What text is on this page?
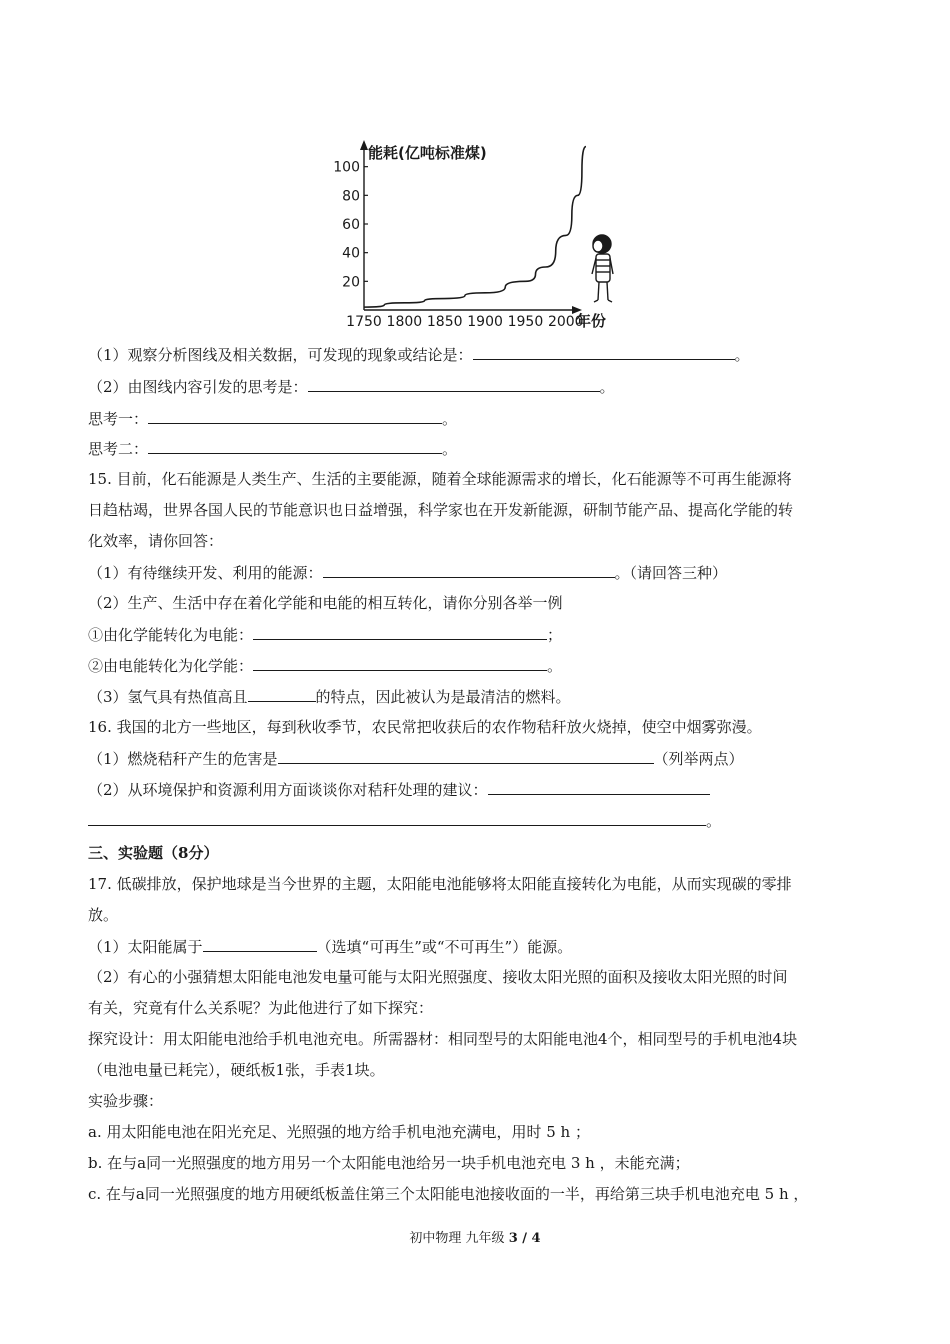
20
40
60
80
100
1750 1800 1850 1900 1950 2000
能耗(亿吨标准煤)
年份
（1）观察分析图线及相关数据，可发现的现象或结论是：	。
（2）由图线内容引发的思考是：	。
思考一：	。
思考二：	。
15. 目前，化石能源是人类生产、生活的主要能源，随着全球能源需求的增长，化石能源等不可再生能源将
日趋枯竭，世界各国人民的节能意识也日益增强，科学家也在开发新能源，研制节能产品、提高化学能的转
化效率，请你回答：
（1）有待继续开发、利用的能源：	。（请回答三种）
（2）生产、生活中存在着化学能和电能的相互转化，请你分别各举一例
①由化学能转化为电能：	；
②由电能转化为化学能：	。
（3）氢气具有热值高且	的特点，因此被认为是最清洁的燃料。
16. 我国的北方一些地区，每到秋收季节，农民常把收获后的农作物秸秆放火烧掉，使空中烟雾弥漫。
（1）燃烧秸秆产生的危害是	（列举两点）
（2）从环境保护和资源利用方面谈谈你对秸秆处理的建议：
。
三、实验题（8分）
17. 低碳排放，保护地球是当今世界的主题，太阳能电池能够将太阳能直接转化为电能，从而实现碳的零排
放。
（1）太阳能属于	（选填“可再生”或“不可再生”）能源。
（2）有心的小强猜想太阳能电池发电量可能与太阳光照强度、接收太阳光照的面积及接收太阳光照的时间
有关，究竟有什么关系呢？为此他进行了如下探究：
探究设计：用太阳能电池给手机电池充电。所需器材：相同型号的太阳能电池4个，相同型号的手机电池4块
（电池电量已耗完），硬纸板1张，手表1块。
实验步骤：
a. 用太阳能电池在阳光充足、光照强的地方给手机电池充满电，用时 5 h ；
b. 在与a同一光照强度的地方用另一个太阳能电池给另一块手机电池充电 3 h ，未能充满；
c. 在与a同一光照强度的地方用硬纸板盖住第三个太阳能电池接收面的一半，再给第三块手机电池充电 5 h ，
初中物理 九年级 3 / 4
